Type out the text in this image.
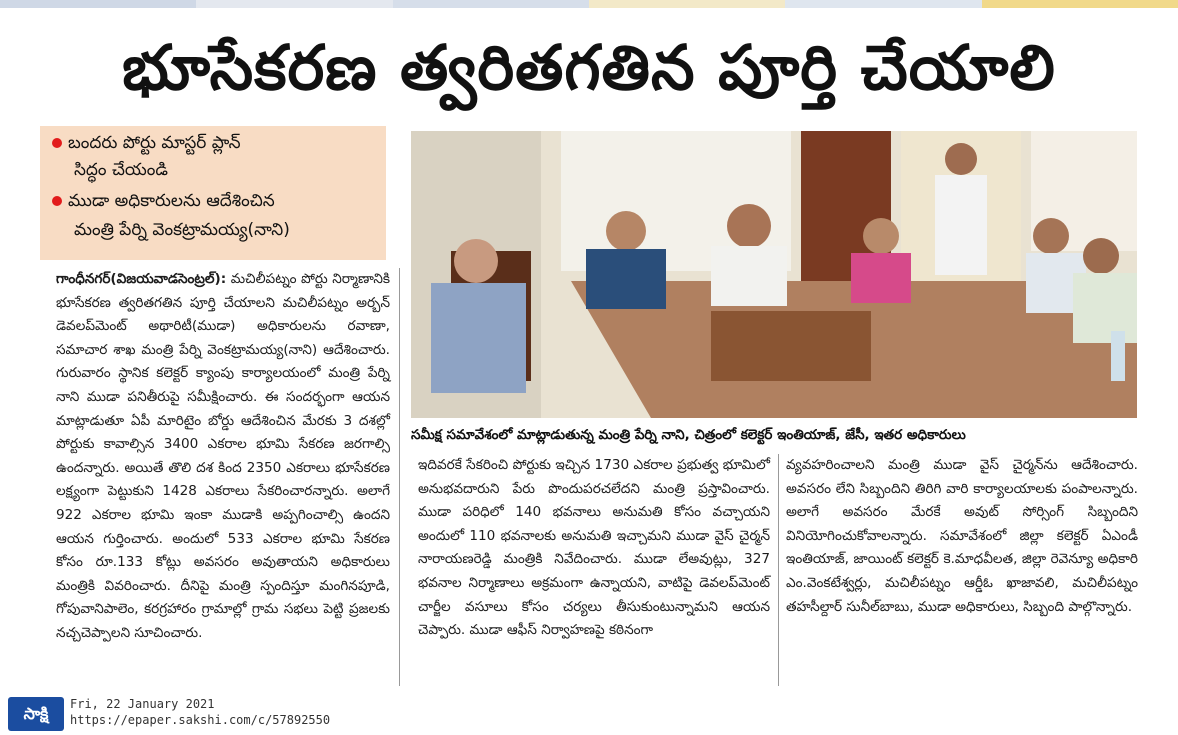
భూసేకరణ త్వరితగతిన పూర్తి చేయాలి
బందరు పోర్టు మాస్టర్ ప్లాన్
సిద్ధం చేయండి
ముడా అధికారులను ఆదేశించిన
మంత్రి పేర్ని వెంకట్రామయ్య(నాని)

గాంధీనగర్(విజయవాడసెంట్రల్): మచిలీపట్నం పోర్టు నిర్మాణానికి భూసేకరణ త్వరితగతిన పూర్తి చేయాలని మచిలీపట్నం అర్బన్ డెవలప్‌మెంట్ అథారిటీ(ముడా) అధికారులను రవాణా, సమాచార శాఖ మంత్రి పేర్ని వెంకట్రామయ్య(నాని) ఆదేశించారు. గురువారం స్థానిక కలెక్టర్ క్యాంపు కార్యాలయంలో మంత్రి పేర్ని నాని ముడా పనితీరుపై సమీక్షించారు. ఈ సందర్భంగా ఆయన మాట్లాడుతూ ఏపీ మారిటైం బోర్డు ఆదేశించిన మేరకు 3 దశల్లో పోర్టుకు కావాల్సిన 3400 ఎకరాల భూమి సేకరణ జరగాల్సి ఉందన్నారు. అయితే తొలి దశ కింద 2350 ఎకరాలు భూసేకరణ లక్ష్యంగా పెట్టుకుని 1428 ఎకరాలు సేకరించారన్నారు. అలాగే 922 ఎకరాల భూమి ఇంకా ముడాకి అప్పగించాల్సి ఉందని ఆయన గుర్తించారు. అందులో 533 ఎకరాల భూమి సేకరణ కోసం రూ.133 కోట్లు అవసరం అవుతాయని అధికారులు మంత్రికి వివరించారు. దీనిపై మంత్రి స్పందిస్తూ మంగినపూడి, గోపువానిపాలెం, కరగ్రహారం గ్రామాల్లో గ్రామ సభలు పెట్టి ప్రజలకు నచ్చచెప్పాలని సూచించారు.

సమీక్ష సమావేశంలో మాట్లాడుతున్న మంత్రి పేర్ని నాని, చిత్రంలో కలెక్టర్ ఇంతియాజ్, జేసీ, ఇతర అధికారులు

ఇదివరకే సేకరించి పోర్టుకు ఇచ్చిన 1730 ఎకరాల ప్రభుత్వ భూమిలో అనుభవదారుని పేరు పొందుపరచలేదని మంత్రి ప్రస్తావించారు. ముడా పరిధిలో 140 భవనాలు అనుమతి కోసం వచ్చాయని అందులో 110 భవనాలకు అనుమతి ఇచ్చామని ముడా వైస్ చైర్మన్ నారాయణరెడ్డి మంత్రికి నివేదించారు. ముడా లేఅవుట్లు, 327 భవనాల నిర్మాణాలు అక్రమంగా ఉన్నాయని, వాటిపై డెవలప్‌మెంట్ చార్జీల వసూలు కోసం చర్యలు తీసుకుంటున్నామని ఆయన చెప్పారు. ముడా ఆఫీస్ నిర్వాహణపై కఠినంగా

వ్యవహరించాలని మంత్రి ముడా వైస్ చైర్మన్‌ను ఆదేశించారు. అవసరం లేని సిబ్బందిని తిరిగి వారి కార్యాలయాలకు పంపాలన్నారు. అలాగే అవసరం మేరకే అవుట్ సోర్సింగ్ సిబ్బందిని వినియోగించుకోవాలన్నారు. సమావేశంలో జిల్లా కలెక్టర్ ఏఎండీ ఇంతియాజ్, జాయింట్ కలెక్టర్ కె.మాధవీలత, జిల్లా రెవెన్యూ అధికారి ఎం.వెంకటేశ్వర్లు, మచిలీపట్నం ఆర్డీఓ ఖాజావలి, మచిలీపట్నం తహసీల్దార్ సునీల్‌బాబు, ముడా అధికారులు, సిబ్బంది పాల్గొన్నారు.

సాక్షి	Fri, 22 January 2021
https://epaper.sakshi.com/c/57892550
